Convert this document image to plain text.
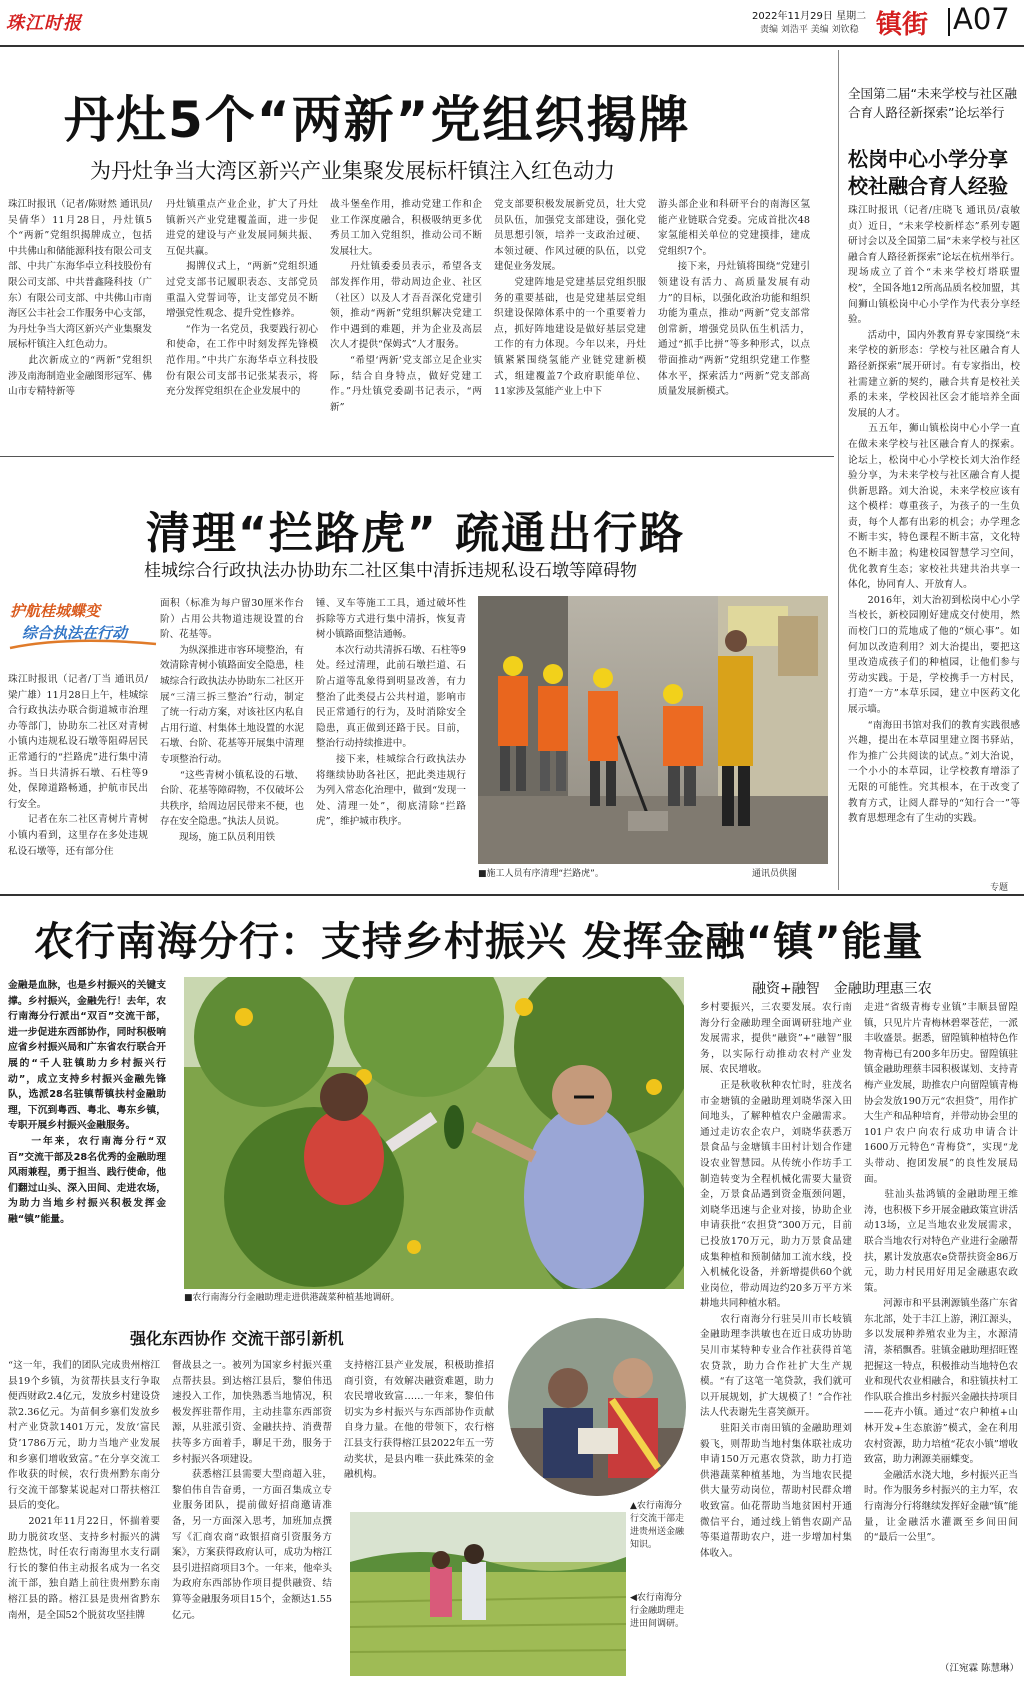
珠江时报	2022年11月29日 星期二
责编 刘浩平 美编 刘钦稳 镇街 A07
丹灶5个“两新”党组织揭牌
为丹灶争当大湾区新兴产业集聚发展标杆镇注入红色动力
珠江时报讯（记者/陈财然 通讯员/吴倩华）11月28日，丹灶镇5个“两新”党组织揭牌成立，包括中共佛山和储能源科技有限公司支部、中共广东海华卓立科技股份有限公司支部、中共普鑫隆科技（广东）有限公司支部、中共佛山市南海区公丰社会工作服务中心支部，为丹灶争当大湾区新兴产业集聚发展标杆镇注入红色动力。
　　此次新成立的“两新”党组织涉及南海制造业金融图形冠军、佛山市专精特新等
丹灶镇重点产业企业，扩大了丹灶镇新兴产业党建覆盖面，进一步促进党的建设与产业发展同频共振、互促共赢。
　　揭牌仪式上，“两新”党组织通过党支部书记履职表态、支部党员重温入党誓词等，让支部党员不断增强党性观念、提升党性修养。
　　“作为一名党员，我要践行初心和使命，在工作中时刻发挥先锋模范作用。”中共广东海华卓立科技股份有限公司支部书记张某表示，将充分发挥党组织在企业发展中的
战斗堡垒作用，推动党建工作和企业工作深度融合，积极吸纳更多优秀员工加入党组织，推动公司不断发展壮大。
　　丹灶镇委委员表示，希望各支部发挥作用，带动周边企业、社区（社区）以及人才吾吾深化党建引领，推动“两新”党组织解决党建工作中遇到的难题，并为企业及高层次人才提供“保姆式”人才服务。
　　“希望‘两新’党支部立足企业实际，结合自身特点，做好党建工作。”丹灶镇党委副书记表示，“两新”
党支部要积极发展新党员，壮大党员队伍，加强党支部建设，强化党员思想引领，培养一支政治过硬、本领过硬、作风过硬的队伍，以党建促业务发展。
　　党建阵地是党建基层党组织服务的重要基础，也是党建基层党组织建设保障体系中的一个重要着力点，抓好阵地建设是做好基层党建工作的有力体现。今年以来，丹灶镇紧紧围绕氢能产业链党建新模式，组建覆盖7个政府职能单位、11家涉及氢能产业上中下
游头部企业和科研平台的南海区氢能产业链联合党委。完成首批次48家氢能相关单位的党建摸排，建成党组织7个。
　　接下来，丹灶镇将围绕“党建引领建设有活力、高质量发展有动力”的目标，以强化政治功能和组织功能为重点，推动“两新”党支部常创常新，增强党员队伍生机活力，通过“抓手比拼”等多种形式，以点带面推动“两新”党组织党建工作整体水平，探索活力“两新”党支部高质量发展新模式。
全国第二届“未来学校与社区融合育人路径新探索”论坛举行
松岗中心小学分享校社融合育人经验
珠江时报讯（记者/庄晓飞 通讯员/袁敏贞）近日，“未来学校新样态”系列专题研讨会以及全国第二届“未来学校与社区融合育人路径新探索”论坛在杭州举行。现场成立了首个“未来学校灯塔联盟校”，全国各地12所高品质名校加盟，其间狮山镇松岗中心小学作为代表分享经验。
　　活动中，国内外教育界专家围绕“未来学校的新形态：学校与社区融合育人路径新探索”展开研讨。有专家指出，校社需建立新的契约，融合共育是校社关系的未来，学校因社区会才能培养全面发展的人才。
　　五五年，狮山镇松岗中心小学一直在做未来学校与社区融合育人的探索。论坛上，松岗中心小学校长刘大治作经验分享，为未来学校与社区融合育人提供新思路。刘大治说，未来学校应该有这个模样：尊重孩子，为孩子的一生负责，每个人都有出彩的机会；办学理念不断丰实，特色课程不断丰富，文化特色不断丰盈；构建校园智慧学习空间，优化教育生态；家校社共建共治共享一体化，协同育人、开放育人。
　　2016年，刘大治初到松岗中心小学当校长，新校园刚好建成交付使用，然而校门口的荒地成了他的“烦心事”。如何加以改造利用？刘大治提出，要把这里改造成孩子们的种植园，让他们参与劳动实践。于是，学校携手一方村民，打造“一方”本草乐园，建立中医药文化展示墙。
　　“南海田书馆对我们的教育实践很感兴趣，提出在本草园里建立图书驿站，作为推广公共阅读的试点。”刘大治说，一个小小的本草园，让学校教育增添了无限的可能性。究其根本，在于改变了教育方式，让阅人群导的“知行合一”等教育思想理念有了生动的实践。
专题
清理“拦路虎” 疏通出行路
桂城综合行政执法办协助东二社区集中清拆违规私设石墩等障碍物
护航桂城蝶变
综合执法在行动
珠江时报讯（记者/丁当 通讯员/梁广雄）11月28日上午，桂城综合行政执法办联合街道城市治理办等部门，协助东二社区对青树小镇内违规私设石墩等阻碍居民正常通行的“拦路虎”进行集中清拆。当日共清拆石墩、石柱等9处，保障道路畅通，护航市民出行安全。
　　记者在东二社区青树片青树小镇内看到，这里存在多处违规私设石墩等，还有部分住
面积（标准为每户留30厘米作台阶）占用公共物道违规设置的台阶、花基等。
　　为纵深推进市容环境整治，有效清除青树小镇路面安全隐患，桂城综合行政执法办协助东二社区开展“三清三拆三整治”行动，制定了统一行动方案，对该社区内私自占用行道、村集体土地设置的水泥石墩、台阶、花基等开展集中清理专项整治行动。
　　“这些青树小镇私设的石墩、台阶、花基等障碍物，不仅破坏公共秩序，给周边居民带来不便，也存在安全隐患。”执法人员说。
　　现场，施工队员利用铁
锤、叉车等施工工具，通过破坏性拆除等方式进行集中清拆，恢复青树小镇路面整洁通畅。
　　本次行动共清拆石墩、石柱等9处。经过清理，此前石墩拦道、石阶占道等乱象得到明显改善，有力整治了此类侵占公共村道，影响市民正常通行的行为，及时消除安全隐患，真正做到还路于民。目前，整治行动持续推进中。
　　接下来，桂城综合行政执法办将继续协助各社区，把此类违规行为列入常态化治理中，做到“发现一处、清理一处”，彻底清除“拦路虎”，维护城市秩序。
■施工人员有序清理“拦路虎”。	通讯员供图
农行南海分行：支持乡村振兴 发挥金融“镇”能量
金融是血脉，也是乡村振兴的关键支撑。乡村振兴，金融先行！去年，农行南海分行派出“双百”交流干部，进一步促进东西部协作，同时积极响应省乡村振兴局和广东省农行联合开展的“千人驻镇助力乡村振兴行动”，成立支持乡村振兴金融先锋队，选派28名驻镇帮镇扶村金融助理，下沉到粤西、粤北、粤东乡镇，专职开展乡村振兴金融服务。
　　一年来，农行南海分行“双百”交流干部及28名优秀的金融助理风雨兼程，勇于担当、践行使命，他们翻过山头、深入田间、走进农场，为助力当地乡村振兴积极发挥金融“镇”能量。
■农行南海分行金融助理走进供港蔬菜种植基地调研。
强化东西协作 交流干部引新机
“这一年，我们的团队完成贵州榕江县19个乡镇，为贫帮扶县支行争取便西财政2.4亿元，发放乡村建设贷款2.36亿元。为苗侗乡寨们发放乡村产业贷款1401万元，发放‘富民贷’1786万元，助力当地产业发展和乡寨们增收致富。”在分享交流工作收获的时候，农行贵州黔东南分行交流干部黎某说起对口帮扶榕江县后的变化。
　　2021年11月22日，怀揣着要助力脱贫攻坚、支持乡村振兴的满腔热忱，时任农行南海里水支行副行长的黎伯伟主动报名成为一名交流干部，独自踏上前往贵州黔东南榕江县的路。榕江县是贵州省黔东南州，是全国52个脱贫攻坚挂牌
督战县之一。被列为国家乡村振兴重点帮扶县。到达榕江县后，黎伯伟迅速投入工作，加快熟悉当地情况，积极发挥驻帮作用，主动挂靠东西部资源，从驻派引资、金融扶持、消费帮扶等多方面着手，聊足干劲，服务于乡村振兴各项建设。
　　获悉榕江县需要大型商超入驻，黎伯伟自告奋勇，一方面召集成立专业服务团队，提前做好招商邀请准备，另一方面深入思考，加班加点撰写《汇商农商“政银招商引资服务方案》，方案获得政府认可，成功为榕江县引进招商项目3个。一年来，他牵头为政府东西部协作项目提供融资、结算等金融服务项目15个，金额达1.55亿元。
支持榕江县产业发展，积极助推招商引资，有效解决融资难题，助力农民增收致富……一年来，黎伯伟切实为乡村振兴与东西部协作贡献自身力量。在他的带领下，农行榕江县支行获得榕江县2022年五一劳动奖状，是县内唯一获此殊荣的金融机构。
▲农行南海分行交流干部走进贵州送金融知识。
◀农行南海分行金融助理走进田间调研。
融资+融智　金融助理惠三农
乡村要振兴，三农要发展。农行南海分行金融助理全面调研驻地产业发展需求，提供“融资”+“融智”服务，以实际行动推动农村产业发展、农民增收。
　　正是秋收秋种农忙时，驻茂名市金塘镇的金融助理刘晓华深入田间地头，了解种植农户金融需求。通过走访农企农户，刘晓华获悉万景食品与金塘镇丰田村计划合作建设农业智慧园。从传统小作坊手工制造转变为全程机械化需要大量资金，万景食品遇到资金瓶颈问题，刘晓华迅速与企业对接，协助企业申请获批“农担贷”300万元，目前已投放170万元，助力万景食品建成集种植和预制储加工流水线，投入机械化设备，并新增提供60个就业岗位，带动周边约20多万平方米耕地共同种植水稻。
　　农行南海分行驻吴川市长岐镇金融助理李洪敏也在近日成功协助吴川市某特种专业合作社获得首笔农贷款，助力合作社扩大生产规模。“有了这笔一笔贷款，我们就可以开展规划，扩大规模了！”合作社法人代表谢先生喜笑颜开。
　　驻阳关市南田镇的金融助理刘毅飞，则帮助当地村集体联社成功申请150万元惠农贷款，助力打造供港蔬菜种植基地，为当地农民提供大量劳动岗位，帮助村民群众增收致富。仙花帮助当地贫困村开通微信平台，通过线上销售农副产品等渠道帮助农户，进一步增加村集体收入。
走进“省级青梅专业镇”丰顺县留隍镇，只见片片青梅林碧翠苍茫，一派丰收盛景。据悉，留隍镇种植特色作物青梅已有200多年历史。留隍镇驻镇金融助理蔡丰园积极谋划、支持青梅产业发展，助推农户向留隍镇青梅协会发放190万元“农担贷”，用作扩大生产和品种培育，并带动协会里的101户农户向农行成功申请合计1600万元特色“青梅贷”，实现“龙头带动、抱团发展”的良性发展局面。
　　驻汕头盐鸿镇的金融助理王维涛，也积极下乡开展金融政策宣讲活动13场，立足当地农业发展需求，联合当地农行对特色产业进行金融帮扶，累计发放惠农e贷帮扶资金86万元，助力村民用好用足金融惠农政策。
　　河源市和平县浰源镇坐落广东省东北部，处于丰江上游，浰江源头，多以发展种养殖农业为主，水源清清，茶稻飘香。驻镇金融助理招旺铿把握这一特点，积极推动当地特色农业和现代农业相融合，和驻镇扶村工作队联合推出乡村振兴金融扶持项目——花卉小镇。通过“农户种植+山林开发+生态旅游”模式，金在利用农村资源，助力培植“花农小镇”增收致富，助力浰源美丽蝶变。
　　金融活水浇大地，乡村振兴正当时。作为服务乡村振兴的主力军，农行南海分行将继续发挥好金融“镇”能量，让金融活水灌溉至乡间田间的“最后一公里”。
（江宛霖 陈慧琳）
